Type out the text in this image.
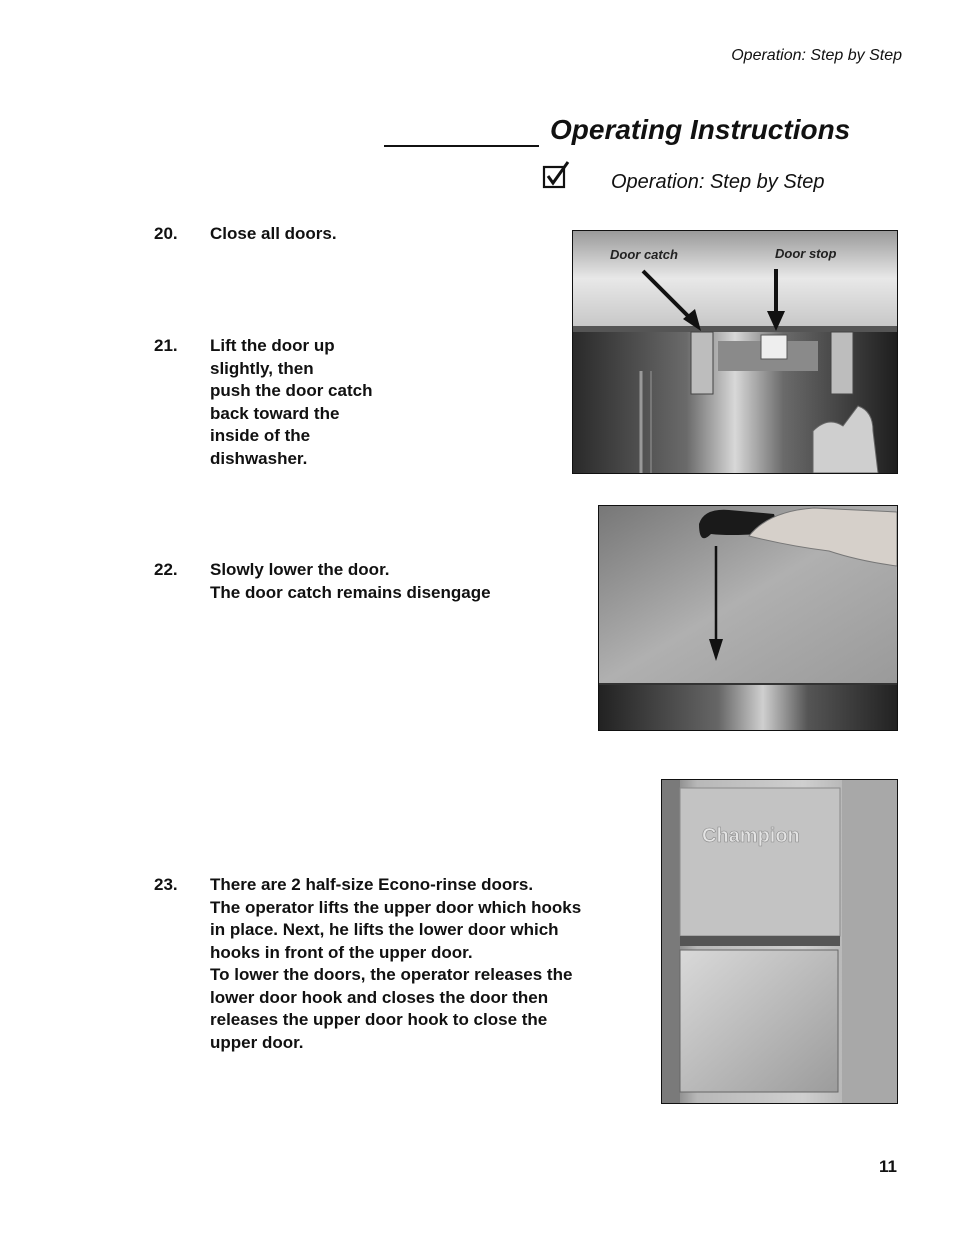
Operation: Step by Step
Operating Instructions
Operation: Step by Step
20. Close all doors.
21. Lift the door up
slightly, then
push the door catch
back toward the
inside of the
dishwasher.
22. Slowly lower the door.
The door catch remains disengage
23. There are 2 half-size Econo-rinse doors.
The operator lifts the upper door which hooks
in place. Next, he lifts the lower door which
hooks in front of the upper door.
To lower the doors, the operator releases the
lower door hook and closes the door then
releases the upper door hook to close the
upper door.
Door catch	Door stop
Champion
11
